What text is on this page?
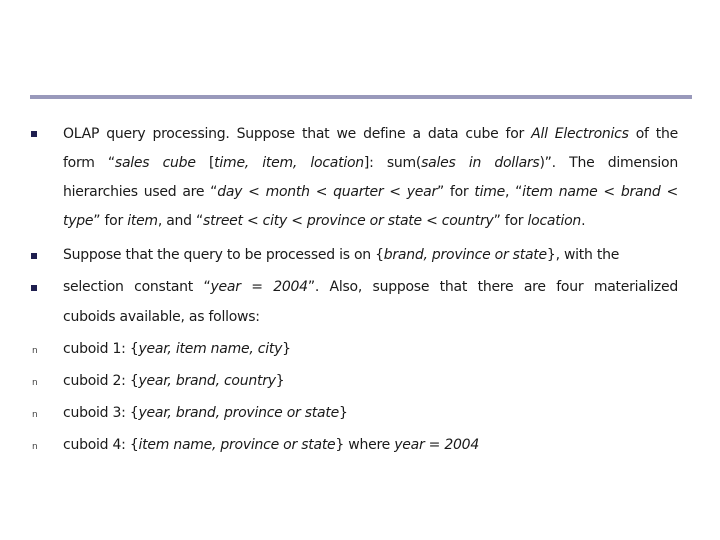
OLAP query processing. Suppose that we define a data cube for All Electronics of the
form “sales cube [time, item, location]: sum(sales in dollars)”. The dimension
hierarchies used are “day < month < quarter < year” for time, “item name < brand <
type” for item, and “street < city < province or state < country” for location.
Suppose that the query to be processed is on {brand, province or state}, with the
selection constant “year = 2004”. Also, suppose that there are four materialized
cuboids available, as follows:
n cuboid 1: {year, item name, city}
n cuboid 2: {year, brand, country}
n cuboid 3: {year, brand, province or state}
n cuboid 4: {item name, province or state} where year = 2004
